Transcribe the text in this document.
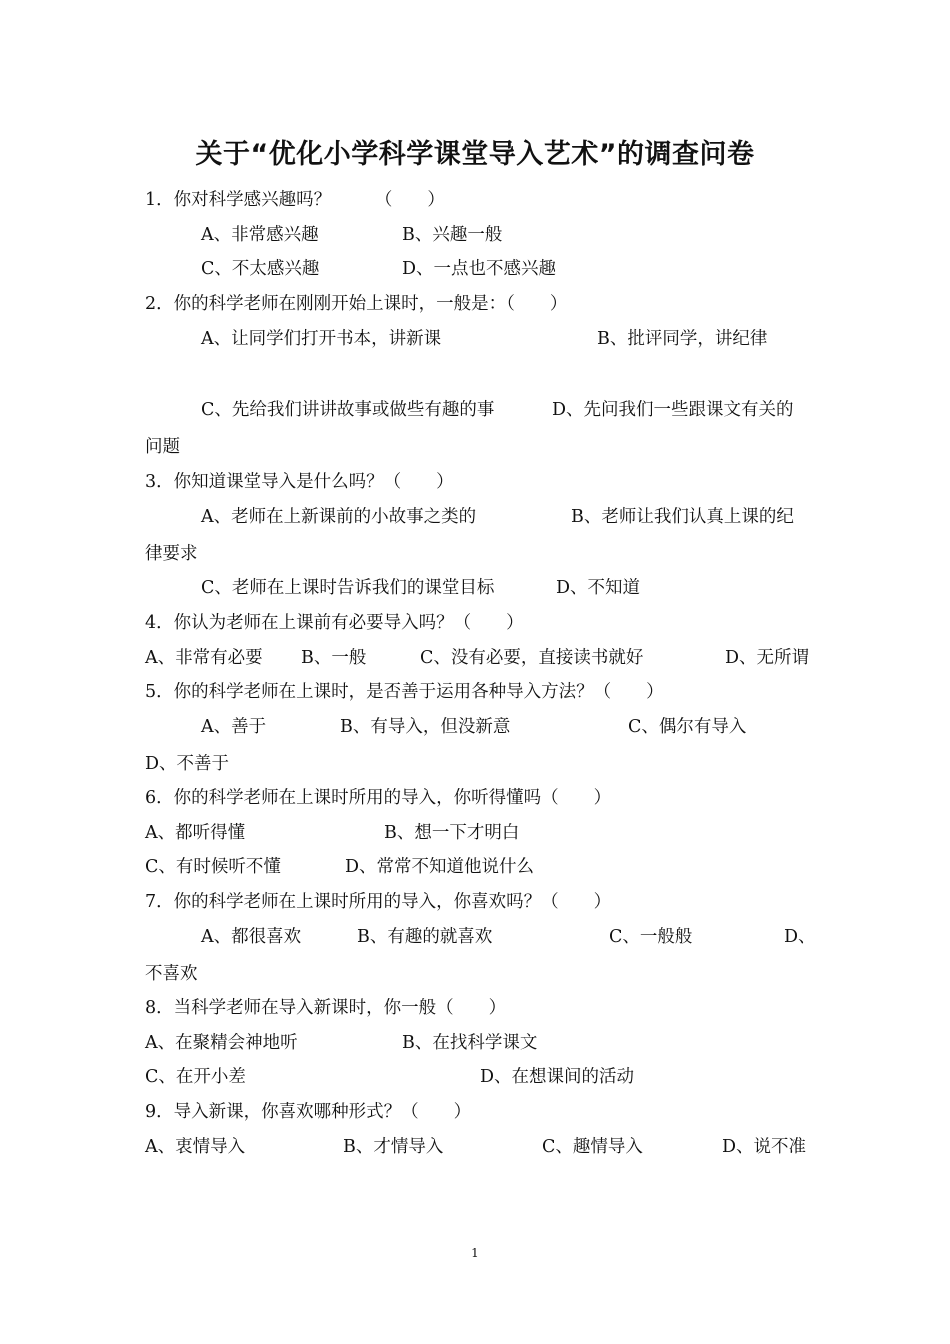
关于“优化小学科学课堂导入艺术”的调查问卷
1．你对科学感兴趣吗？　　　（　　）
A、非常感兴趣	B、兴趣一般
C、不太感兴趣	D、一点也不感兴趣
2．你的科学老师在刚刚开始上课时，一般是：（　　）
A、让同学们打开书本，讲新课	B、批评同学，讲纪律
C、先给我们讲讲故事或做些有趣的事	D、先问我们一些跟课文有关的
问题
3．你知道课堂导入是什么吗？（　　）
A、老师在上新课前的小故事之类的	B、老师让我们认真上课的纪
律要求
C、老师在上课时告诉我们的课堂目标	D、不知道
4．你认为老师在上课前有必要导入吗？（　　）
A、非常有必要 B、一般	C、没有必要，直接读书就好	D、无所谓
5．你的科学老师在上课时，是否善于运用各种导入方法？（　　）
A、善于	B、有导入，但没新意	C、偶尔有导入
D、不善于
6．你的科学老师在上课时所用的导入，你听得懂吗（　　）
A、都听得懂	B、想一下才明白
C、有时候听不懂	D、常常不知道他说什么
7．你的科学老师在上课时所用的导入，你喜欢吗？（　　）
A、都很喜欢	B、有趣的就喜欢	C、一般般	D、
不喜欢
8．当科学老师在导入新课时，你一般（　　）
A、在聚精会神地听	B、在找科学课文
C、在开小差	D、在想课间的活动
9．导入新课，你喜欢哪种形式？（　　）
A、衷情导入	B、才情导入	C、趣情导入	D、说不准
1
